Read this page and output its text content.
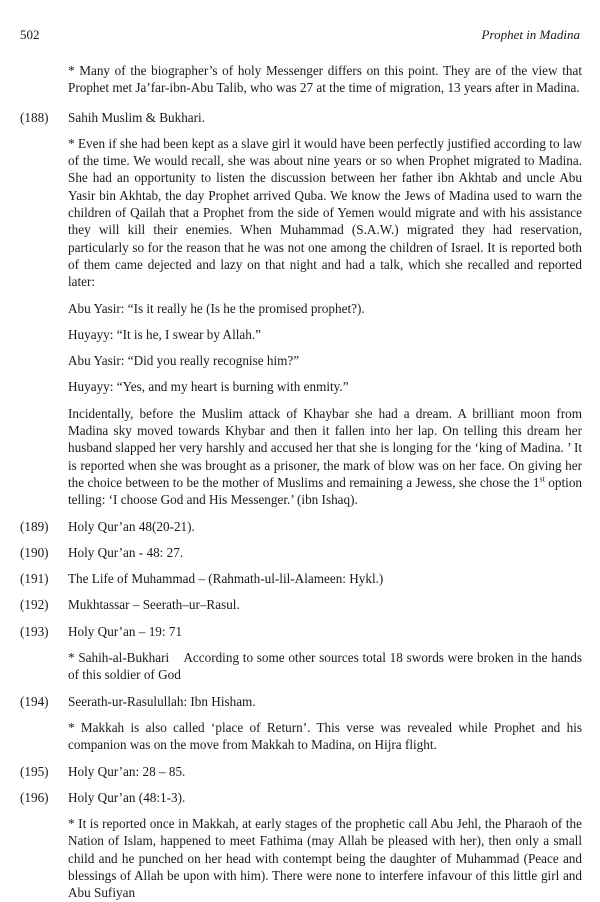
502	Prophet in Madina
* Many of the biographer’s of holy Messenger differs on this point. They are of the view that Prophet met Ja’far-ibn-Abu Talib, who was 27 at the time of migration, 13 years after in Madina.
(188)	Sahih Muslim & Bukhari.
* Even if she had been kept as a slave girl it would have been perfectly justified according to law of the time. We would recall, she was about nine years or so when Prophet migrated to Madina. She had an opportunity to listen the discussion between her father ibn Akhtab and uncle Abu Yasir bin Akhtab, the day Prophet arrived Quba. We know the Jews of Madina used to warn the children of Qailah that a Prophet from the side of Yemen would migrate and with his assistance they will kill their enemies. When Muhammad (S.A.W.) migrated they had reservation, particularly so for the reason that he was not one among the children of Israel. It is reported both of them came dejected and lazy on that night and had a talk, which she recalled and reported later:
Abu Yasir: “Is it really he (Is he the promised prophet?).
Huyayy: “It is he, I swear by Allah.”
Abu Yasir: “Did you really recognise him?”
Huyayy: “Yes, and my heart is burning with enmity.”
Incidentally, before the Muslim attack of Khaybar she had a dream. A brilliant moon from Madina sky moved towards Khybar and then it fallen into her lap. On telling this dream her husband slapped her very harshly and accused her that she is longing for the ‘king of Madina. ’ It is reported when she was brought as a prisoner, the mark of blow was on her face. On giving her the choice between to be the mother of Muslims and remaining a Jewess, she chose the 1st option telling: ‘I choose God and His Messenger.’ (ibn Ishaq).
(189)	Holy Qur’an 48(20-21).
(190)	Holy Qur’an - 48: 27.
(191)	The Life of Muhammad – (Rahmath-ul-lil-Alameen: Hykl.)
(192)	Mukhtassar – Seerath–ur–Rasul.
(193)	Holy Qur’an – 19: 71
* Sahih-al-Bukhari    According to some other sources total 18 swords were broken in the hands of this soldier of God
(194)	Seerath-ur-Rasulullah: Ibn Hisham.
* Makkah is also called ‘place of Return’. This verse was revealed while Prophet and his companion was on the move from Makkah to Madina, on Hijra flight.
(195)	Holy Qur’an: 28 – 85.
(196)	Holy Qur’an (48:1-3).
* It is reported once in Makkah, at early stages of the prophetic call Abu Jehl, the Pharaoh of the Nation of Islam, happened to meet Fathima (may Allah be pleased with her), then only a small child and he punched on her head with contempt being the daughter of Muhammad (Peace and blessings of Allah be upon with him). There were none to interfere infavour of this little girl and Abu Sufiyan
